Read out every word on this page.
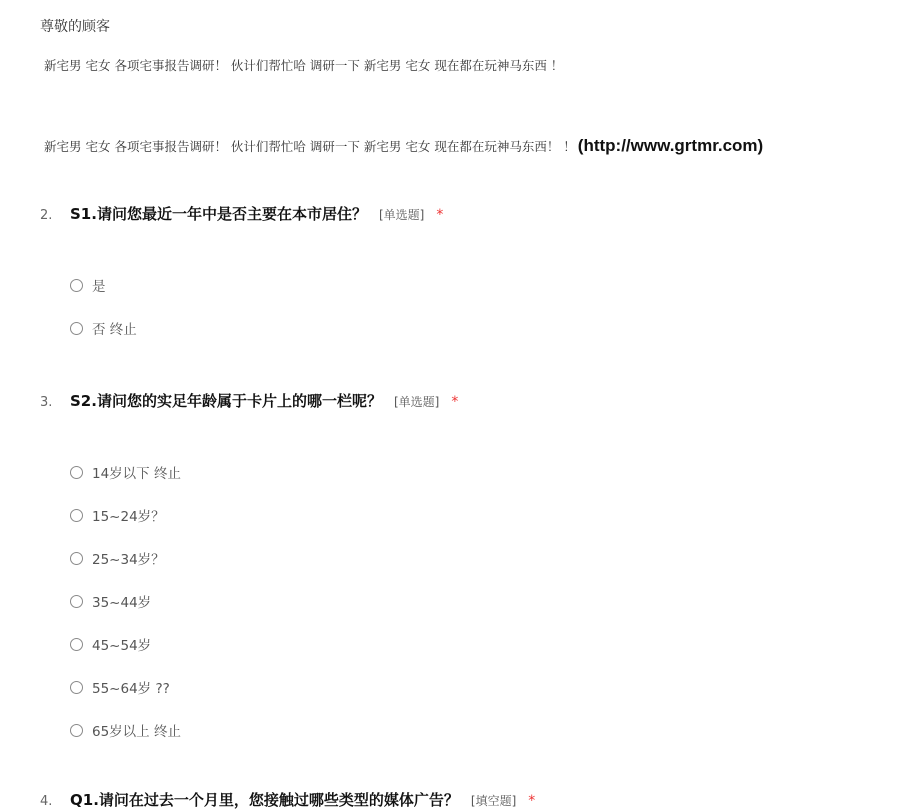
尊敬的顾客
新宅男 宅女 各项宅事报告调研！ 伙计们帮忙哈 调研一下 新宅男 宅女 现在都在玩神马东西 ！
新宅男 宅女 各项宅事报告调研！ 伙计们帮忙哈 调研一下 新宅男 宅女 现在都在玩神马东西！ ！ (http://www.grtmr.com)
2. S1.请问您最近一年中是否主要在本市居住？ [单选题] *
是
否 终止
3. S2.请问您的实足年龄属于卡片上的哪一栏呢？ [单选题] *
14岁以下 终止
15~24岁？
25~34岁？
35~44岁
45~54岁
55~64岁 ??
65岁以上 终止
4. Q1.请问在过去一个月里，您接触过哪些类型的媒体广告？ [填空题] *
